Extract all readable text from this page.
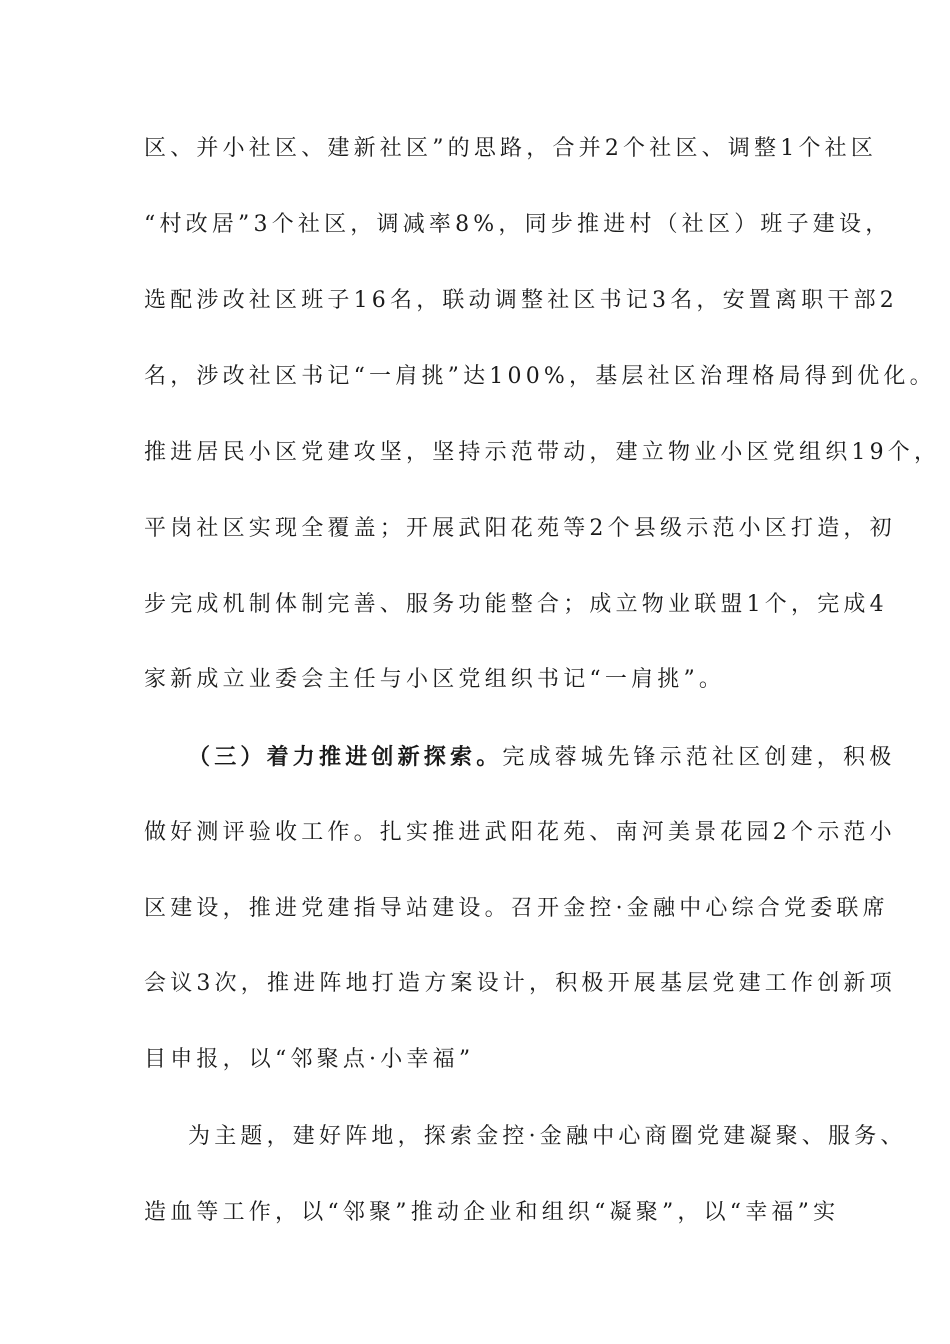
区、并小社区、建新社区”的思路，合并2个社区、调整1个社区
“村改居”3个社区，调减率8%，同步推进村（社区）班子建设，
选配涉改社区班子16名，联动调整社区书记3名，安置离职干部2
名，涉改社区书记“一肩挑”达100%，基层社区治理格局得到优化。
推进居民小区党建攻坚，坚持示范带动，建立物业小区党组织19个，
平岗社区实现全覆盖；开展武阳花苑等2个县级示范小区打造，初
步完成机制体制完善、服务功能整合；成立物业联盟1个，完成4
家新成立业委会主任与小区党组织书记“一肩挑”。
（三）着力推进创新探索。完成蓉城先锋示范社区创建，积极
做好测评验收工作。扎实推进武阳花苑、南河美景花园2个示范小
区建设，推进党建指导站建设。召开金控·金融中心综合党委联席
会议3次，推进阵地打造方案设计，积极开展基层党建工作创新项
目申报，以“邻聚点·小幸福”
为主题，建好阵地，探索金控·金融中心商圈党建凝聚、服务、
造血等工作，以“邻聚”推动企业和组织“凝聚”，以“幸福”实
